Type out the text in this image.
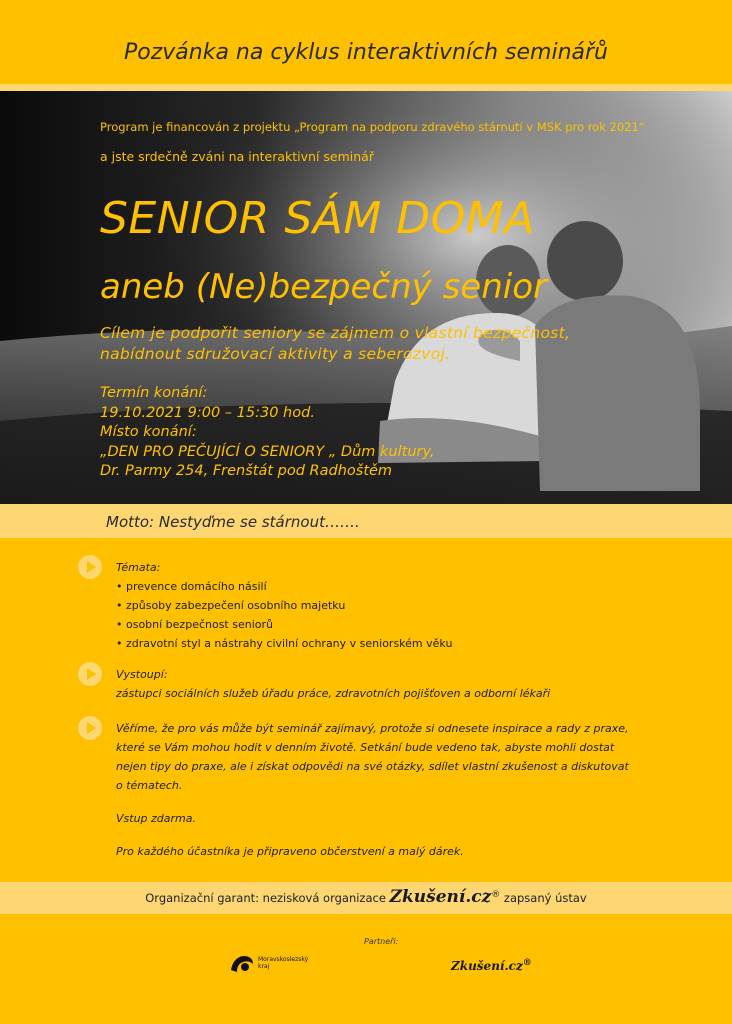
Pozvánka na cyklus interaktivních seminářů
Program je financován z projektu „Program na podporu zdravého stárnutí v MSK pro rok 2021“
a jste srdečně zváni na interaktivní seminář
SENIOR SÁM DOMA
aneb (Ne)bezpečný senior
Cílem je podpořit seniory se zájmem o vlastní bezpečnost,
nabídnout sdružovací aktivity a seberozvoj.
Termín konání:
19.10.2021 9:00 – 15:30 hod.
Místo konání:
„DEN PRO PEČUJÍCÍ O SENIORY „ Dům kultury,
Dr. Parmy 254, Frenštát pod Radhoštěm
Motto: Nestyďme se stárnout…….

Témata:

• prevence domácího násilí

• způsoby zabezpečení osobního majetku

• osobní bezpečnost seniorů

• zdravotní styl a nástrahy civilní ochrany v seniorském věku

Vystoupí:

zástupci sociálních služeb úřadu práce, zdravotních pojišťoven a odborní lékaři

Věříme, že pro vás může být seminář zajímavý, protože si odnesete inspirace a rady z praxe,

které se Vám mohou hodit v denním životě. Setkání bude vedeno tak, abyste mohli dostat

nejen tipy do praxe, ale i získat odpovědi na své otázky, sdílet vlastní zkušenost a diskutovat

o tématech.

Vstup zdarma.

Pro každého účastníka je připraveno občerstvení a malý dárek.

Organizační garant: nezisková organizace Zkušení.cz® zapsaný ústav
Partneři:
Moravskoslezský
kraj	Zkušení.cz®
